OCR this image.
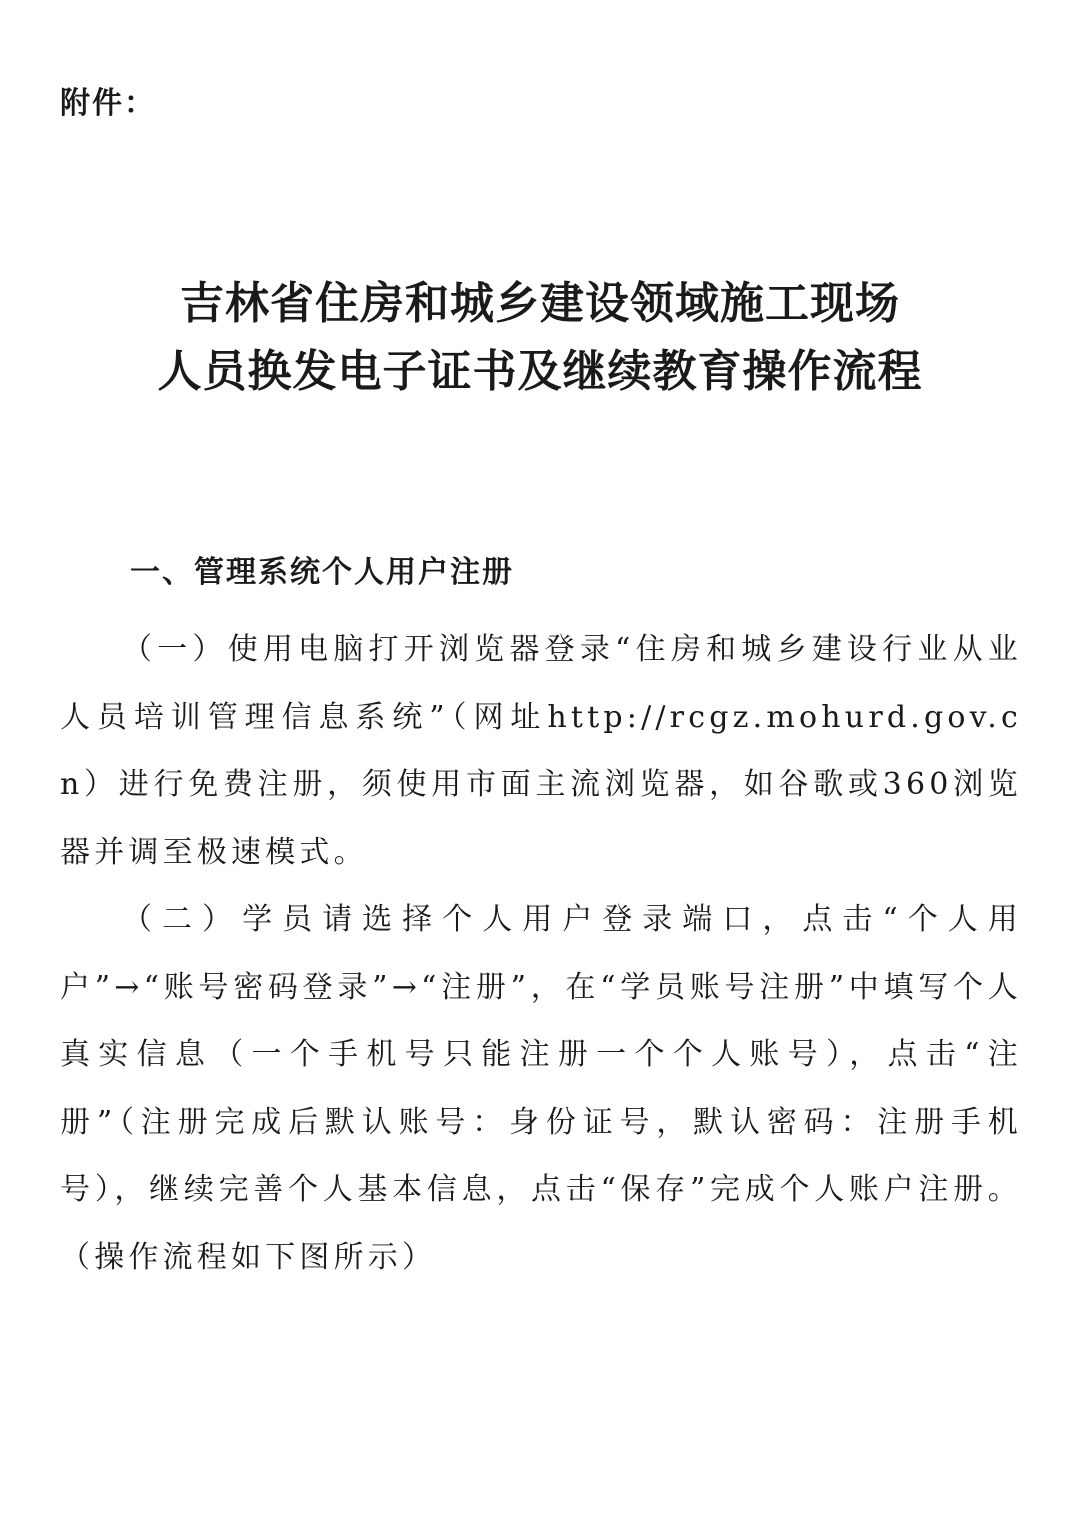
附件：
吉林省住房和城乡建设领域施工现场
人员换发电子证书及继续教育操作流程
一、管理系统个人用户注册

（一）使用电脑打开浏览器登录“住房和城乡建设行业从业人员培训管理信息系统”（网址http://rcgz.mohurd.gov.cn）进行免费注册，须使用市面主流浏览器，如谷歌或360浏览器并调至极速模式。

（二）学员请选择个人用户登录端口，点击“个人用户”→“账号密码登录”→“注册”，在“学员账号注册”中填写个人真实信息（一个手机号只能注册一个个人账号），点击“注册”（注册完成后默认账号：身份证号，默认密码：注册手机号），继续完善个人基本信息，点击“保存”完成个人账户注册。（操作流程如下图所示）
